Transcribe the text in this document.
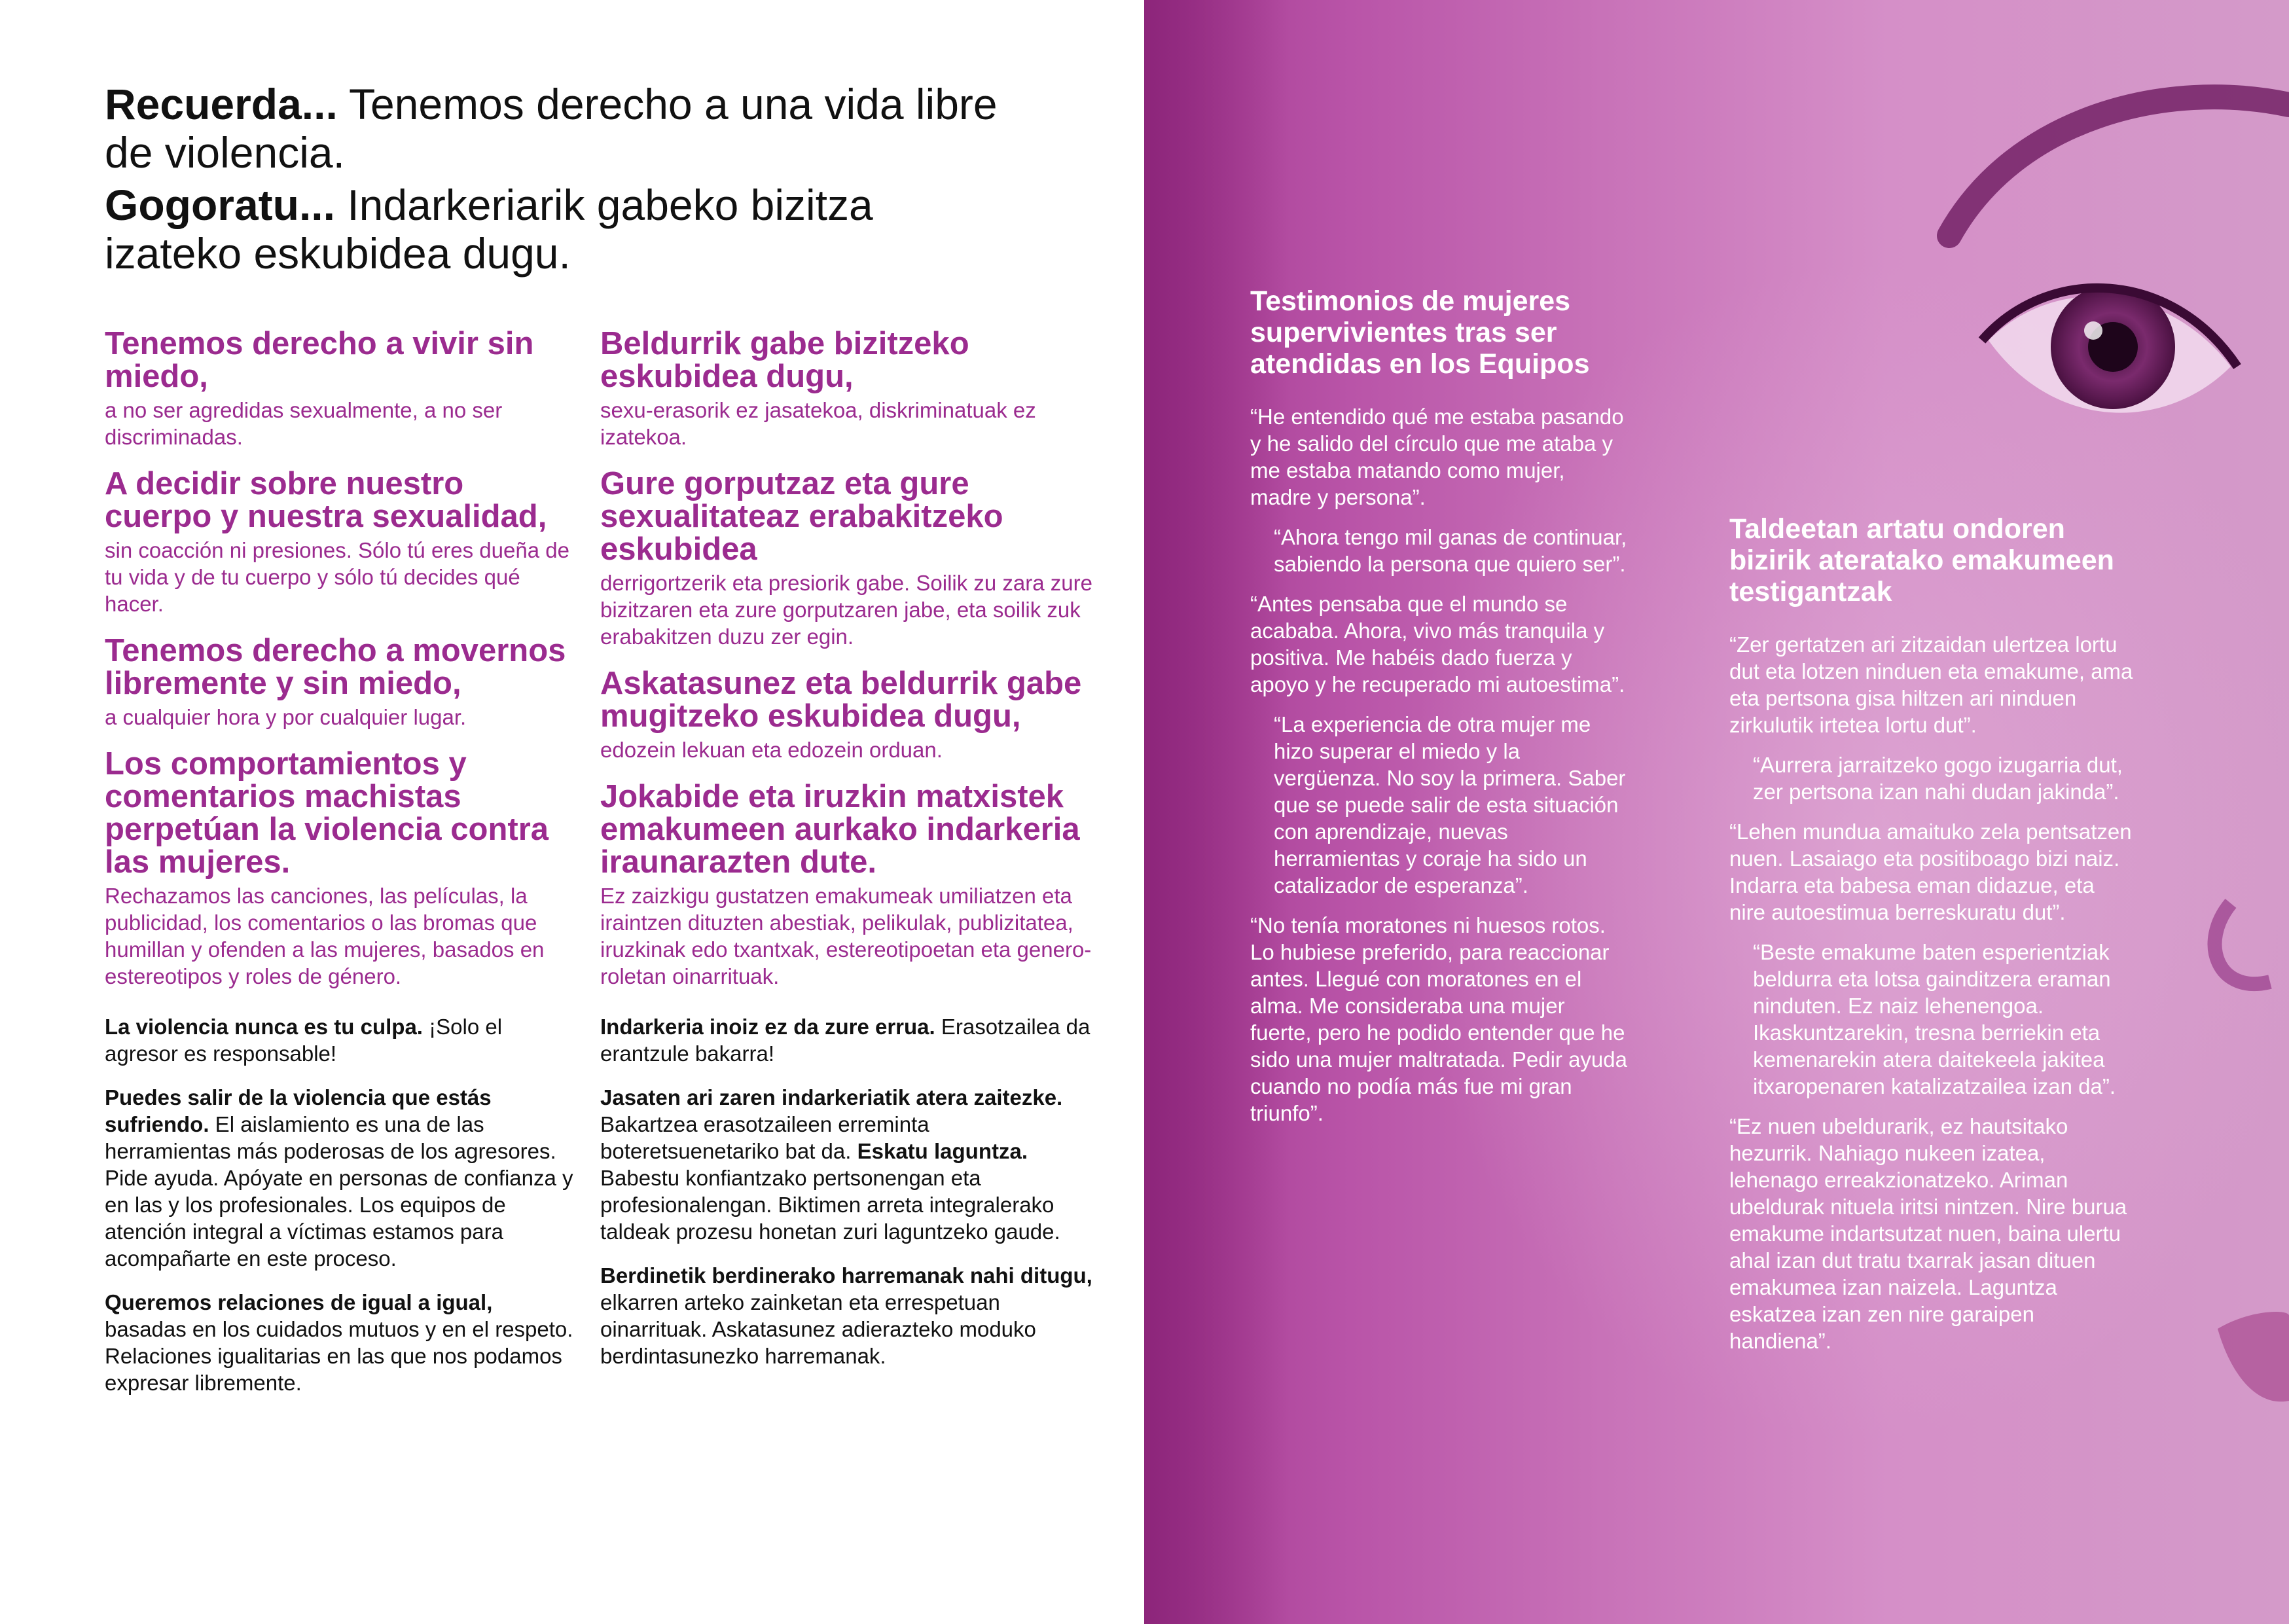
Recuerda... Tenemos derecho a una vida libre de violencia.

Gogoratu... Indarkeriarik gabeko bizitza izateko eskubidea dugu.

Tenemos derecho a vivir sin miedo,

a no ser agredidas sexualmente, a no ser discriminadas.

A decidir sobre nuestro cuerpo y nuestra sexualidad,

sin coacción ni presiones. Sólo tú eres dueña de tu vida y de tu cuerpo y sólo tú decides qué hacer.

Tenemos derecho a movernos libremente y sin miedo,

a cualquier hora y por cualquier lugar.

Los comportamientos y comentarios machistas perpetúan la violencia contra las mujeres.

Rechazamos las canciones, las películas, la publicidad, los comentarios o las bromas que humillan y ofenden a las mujeres, basados en estereotipos y roles de género.

La violencia nunca es tu culpa. ¡Solo el agresor es responsable!

Puedes salir de la violencia que estás sufriendo. El aislamiento es una de las herramientas más poderosas de los agresores. Pide ayuda. Apóyate en personas de confianza y en las y los profesionales. Los equipos de atención integral a víctimas estamos para acompañarte en este proceso.

Queremos relaciones de igual a igual, basadas en los cuidados mutuos y en el respeto. Relaciones igualitarias en las que nos podamos expresar libremente.

Beldurrik gabe bizitzeko eskubidea dugu,

sexu-erasorik ez jasatekoa, diskriminatuak ez izatekoa.

Gure gorputzaz eta gure sexualitateaz erabakitzeko eskubidea

derrigortzerik eta presiorik gabe. Soilik zu zara zure bizitzaren eta zure gorputzaren jabe, eta soilik zuk erabakitzen duzu zer egin.

Askatasunez eta beldurrik gabe mugitzeko eskubidea dugu,

edozein lekuan eta edozein orduan.

Jokabide eta iruzkin matxistek emakumeen aurkako indarkeria iraunarazten dute.

Ez zaizkigu gustatzen emakumeak umiliatzen eta iraintzen dituzten abestiak, pelikulak, publizitatea, iruzkinak edo txantxak, estereotipoetan eta genero-roletan oinarrituak.

Indarkeria inoiz ez da zure errua. Erasotzailea da erantzule bakarra!

Jasaten ari zaren indarkeriatik atera zaitezke. Bakartzea erasotzaileen erreminta boteretsuenetariko bat da. Eskatu laguntza. Babestu konfiantzako pertsonengan eta profesionalengan. Biktimen arreta integralerako taldeak prozesu honetan zuri laguntzeko gaude.

Berdinetik berdinerako harremanak nahi ditugu, elkarren arteko zainketan eta errespetuan oinarrituak. Askatasunez adierazteko moduko berdintasunezko harremanak.

Testimonios de mujeres supervivientes tras ser atendidas en los Equipos

“He entendido qué me estaba pasando y he salido del círculo que me ataba y me estaba matando como mujer, madre y persona”.

“Ahora tengo mil ganas de continuar, sabiendo la persona que quiero ser”.

“Antes pensaba que el mundo se acababa. Ahora, vivo más tranquila y positiva. Me habéis dado fuerza y apoyo y he recuperado mi autoestima”.

“La experiencia de otra mujer me hizo superar el miedo y la vergüenza. No soy la primera. Saber que se puede salir de esta situación con aprendizaje, nuevas herramientas y coraje ha sido un catalizador de esperanza”.

“No tenía moratones ni huesos rotos. Lo hubiese preferido, para reaccionar antes. Llegué con moratones en el alma. Me consideraba una mujer fuerte, pero he podido entender que he sido una mujer maltratada. Pedir ayuda cuando no podía más fue mi gran triunfo”.

Taldeetan artatu ondoren bizirik ateratako emakumeen testigantzak

“Zer gertatzen ari zitzaidan ulertzea lortu dut eta lotzen ninduen eta emakume, ama eta pertsona gisa hiltzen ari ninduen zirkulutik irtetea lortu dut”.

“Aurrera jarraitzeko gogo izugarria dut, zer pertsona izan nahi dudan jakinda”.

“Lehen mundua amaituko zela pentsatzen nuen. Lasaiago eta positiboago bizi naiz. Indarra eta babesa eman didazue, eta nire autoestimua berreskuratu dut”.

“Beste emakume baten esperientziak beldurra eta lotsa gainditzera eraman ninduten. Ez naiz lehenengoa. Ikaskuntzarekin, tresna berriekin eta kemenarekin atera daitekeela jakitea itxaropenaren katalizatzailea izan da”.

“Ez nuen ubeldurarik, ez hautsitako hezurrik. Nahiago nukeen izatea, lehenago erreakzionatzeko. Ariman ubeldurak nituela iritsi nintzen. Nire burua emakume indartsutzat nuen, baina ulertu ahal izan dut tratu txarrak jasan dituen emakumea izan naizela. Laguntza eskatzea izan zen nire garaipen handiena”.
